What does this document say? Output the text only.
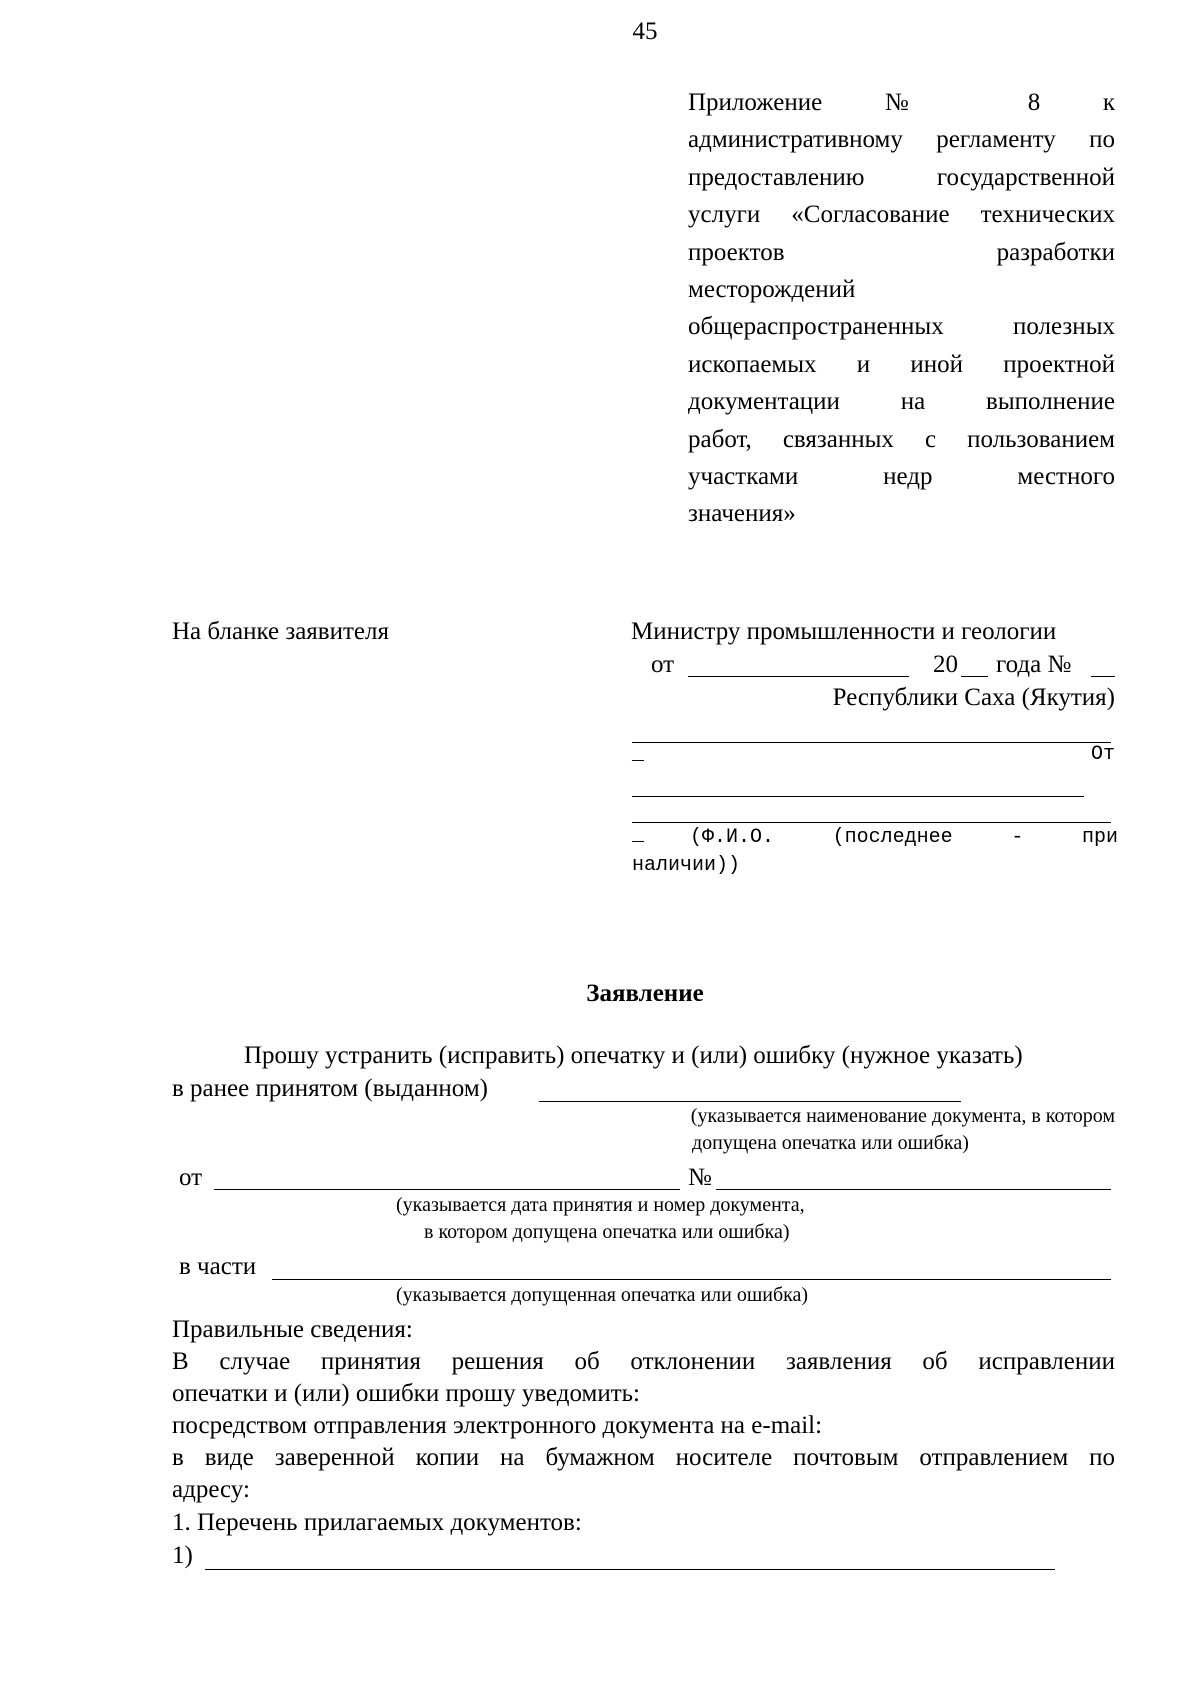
45
Приложение № 8 к
административному регламенту по
предоставлению государственной
услуги «Согласование технических
проектов разработки
месторождений
общераспространенных полезных
ископаемых и иной проектной
документации на выполнение
работ, связанных с пользованием
участками недр местного
значения»
На бланке заявителя	Министру промышленности и геологии
от	20 года №
Республики Саха (Якутия)
_	От
_ (Ф.И.О. (последнее - при
наличии))
Заявление
Прошу устранить (исправить) опечатку и (или) ошибку (нужное указать)
в ранее принятом (выданном)
(указывается наименование документа, в котором
допущена опечатка или ошибка)
от	№
(указывается дата принятия и номер документа,
в котором допущена опечатка или ошибка)
в части
(указывается допущенная опечатка или ошибка)
Правильные сведения:
В случае принятия решения об отклонении заявления об исправлении
опечатки и (или) ошибки прошу уведомить:
посредством отправления электронного документа на e-mail:
в виде заверенной копии на бумажном носителе почтовым отправлением по
адресу:
1. Перечень прилагаемых документов:
1)
